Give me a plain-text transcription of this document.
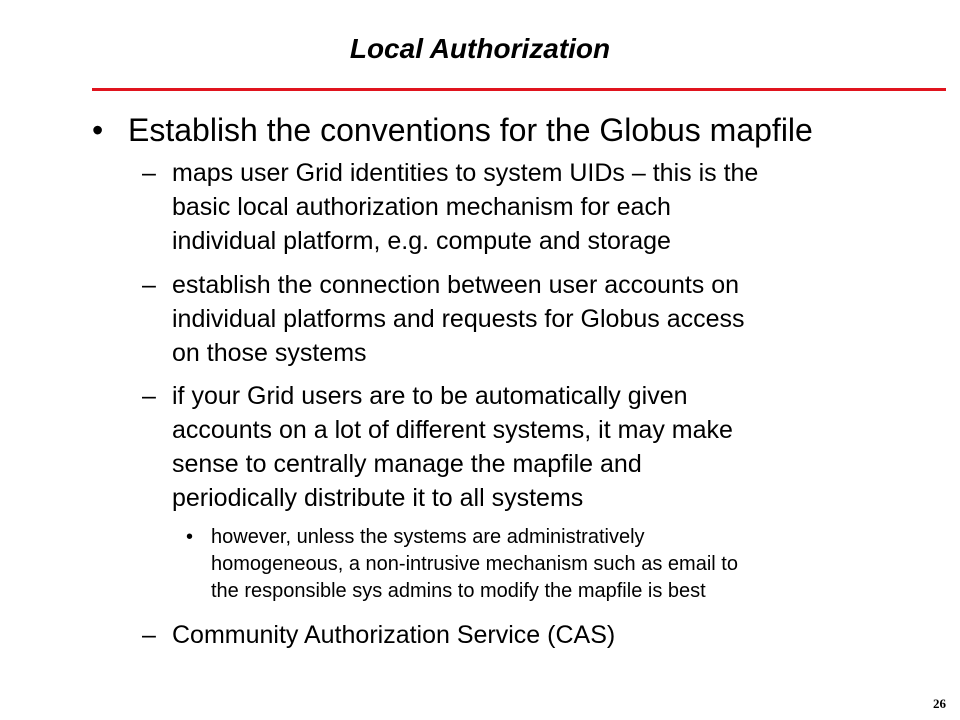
Local Authorization
• Establish the conventions for the Globus mapfile
– maps user Grid identities to system UIDs – this is the
basic local authorization mechanism for each
individual platform, e.g. compute and storage
– establish the connection between user accounts on
individual platforms and requests for Globus access
on those systems
– if your Grid users are to be automatically given
accounts on a lot of different systems, it may make
sense to centrally manage the mapfile and
periodically distribute it to all systems
• however, unless the systems are administratively
homogeneous, a non-intrusive mechanism such as email to
the responsible sys admins to modify the mapfile is best
– Community Authorization Service (CAS)
26
